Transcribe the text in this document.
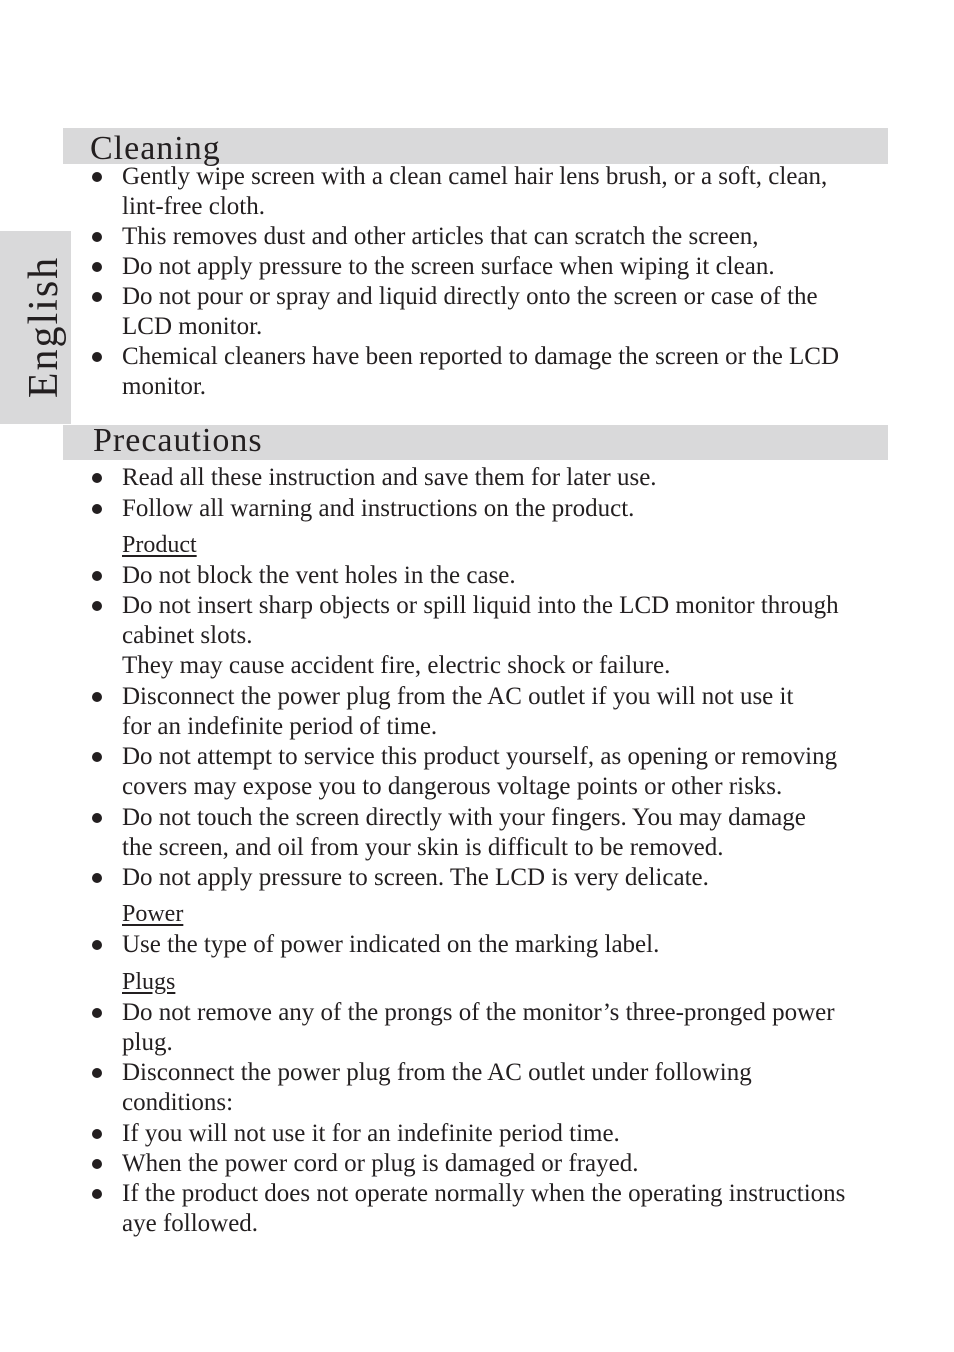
English
Cleaning
Precautions
Gently wipe screen with a clean camel hair lens brush, or a soft, clean,
lint-free cloth.
This removes dust and other articles that can scratch the screen,
Do not apply pressure to the screen surface when wiping it clean.
Do not pour or spray and liquid directly onto the screen or case of the
LCD monitor.
Chemical cleaners have been reported to damage the screen or the LCD
monitor.
Read all these instruction and save them for later use.
Follow all warning and instructions on the product.
Product
Do not block the vent holes in the case.
Do not insert sharp objects or spill liquid into the LCD monitor through
cabinet slots.
They may cause accident fire, electric shock or failure.
Disconnect the power plug from the AC outlet if you will not use it
for an indefinite period of time.
Do not attempt to service this product yourself, as opening or removing
covers may expose you to dangerous voltage points or other risks.
Do not touch the screen directly with your fingers. You may damage
the screen, and oil from your skin is difficult to be removed.
Do not apply pressure to screen. The LCD is very delicate.
Power
Use the type of power indicated on the marking label.
Plugs
Do not remove any of the prongs of the monitor’s three-pronged power
plug.
Disconnect the power plug from the AC outlet under following
conditions:
If you will not use it for an indefinite period time.
When the power cord or plug is damaged or frayed.
If the product does not operate normally when the operating instructions
aye followed.
